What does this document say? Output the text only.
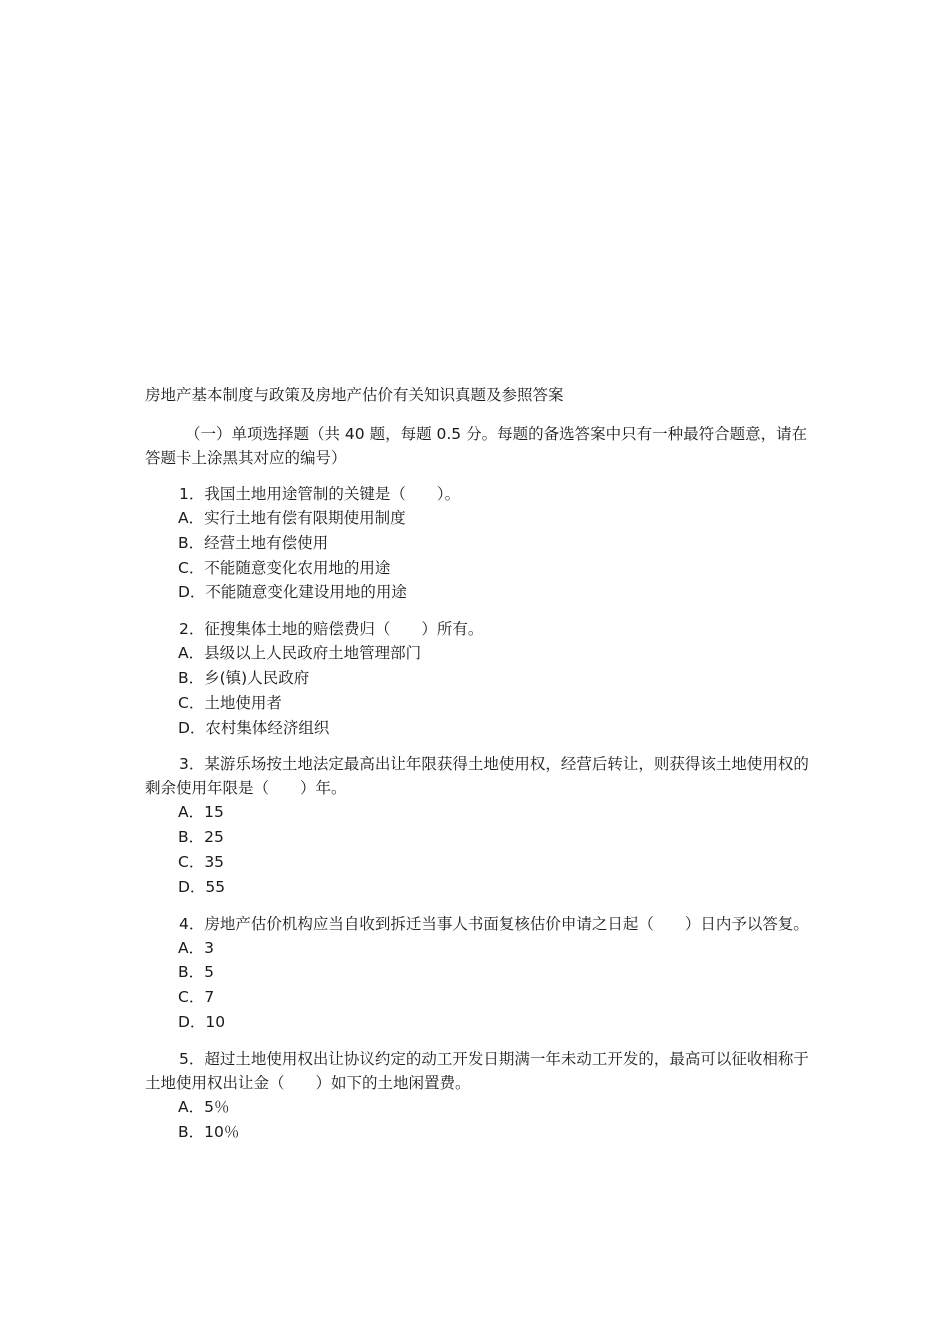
房地产基本制度与政策及房地产估价有关知识真题及参照答案

（一）单项选择题（共 40 题，每题 0.5 分。每题的备选答案中只有一种最符合题意，请在答题卡上涂黑其对应的编号）

1．我国土地用途管制的关键是（　　）。

A．实行土地有偿有限期使用制度
B．经营土地有偿使用
C．不能随意变化农用地的用途
D．不能随意变化建设用地的用途

2．征搜集体土地的赔偿费归（　　）所有。

A．县级以上人民政府土地管理部门
B．乡(镇)人民政府
C．土地使用者
D．农村集体经济组织

3．某游乐场按土地法定最高出让年限获得土地使用权，经营后转让，则获得该土地使用权的剩余使用年限是（　　）年。

A．15
B．25
C．35
D．55

4．房地产估价机构应当自收到拆迁当事人书面复核估价申请之日起（　　）日内予以答复。

A．3
B．5
C．7
D．10

5．超过土地使用权出让协议约定的动工开发日期满一年未动工开发的，最高可以征收相称于土地使用权出让金（　　）如下的土地闲置费。

A．5％
B．10％
